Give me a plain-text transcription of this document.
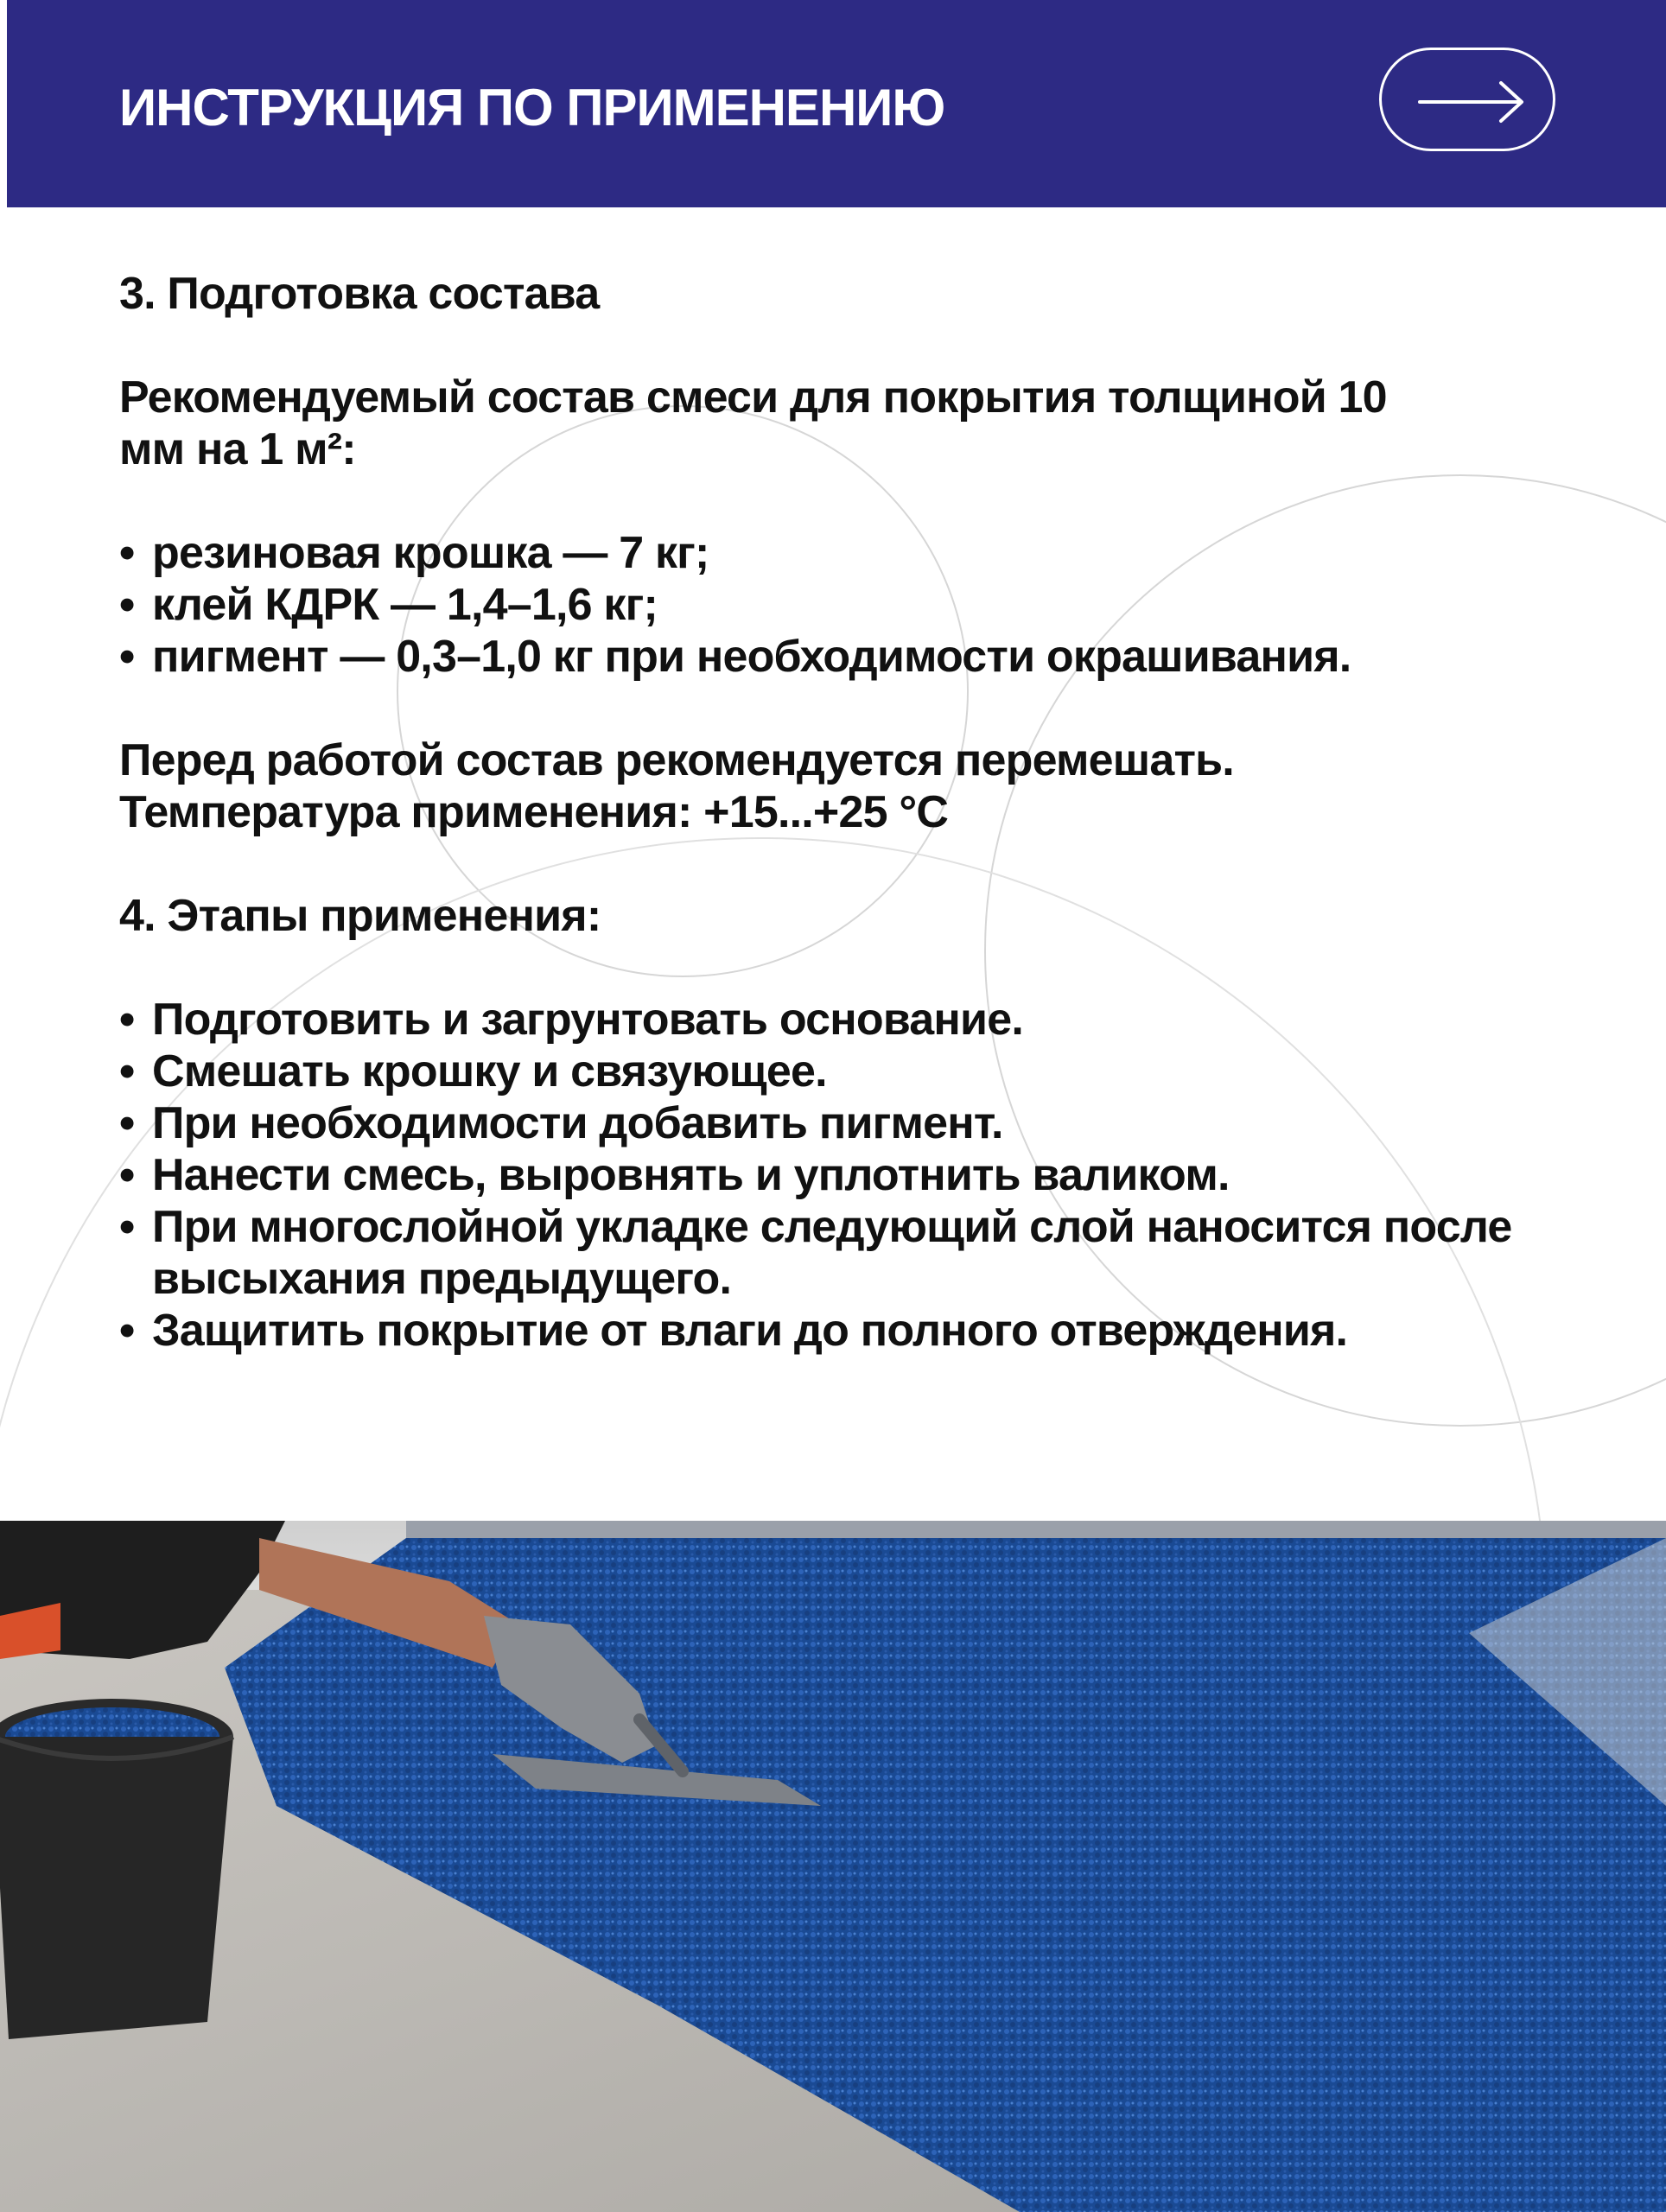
ИНСТРУКЦИЯ ПО ПРИМЕНЕНИЮ

3. Подготовка состава

Рекомендуемый состав смеси для покрытия толщиной 10

мм на 1 м²:

• резиновая крошка — 7 кг;
• клей КДРК — 1,4–1,6 кг;
• пигмент — 0,3–1,0 кг при необходимости окрашивания.

Перед работой состав рекомендуется перемешать.

Температура применения: +15...+25 °C

4. Этапы применения:

• Подготовить и загрунтовать основание.
• Смешать крошку и связующее.
• При необходимости добавить пигмент.
• Нанести смесь, выровнять и уплотнить валиком.
• При многослойной укладке следующий слой наносится после высыхания предыдущего.
• Защитить покрытие от влаги до полного отверждения.
